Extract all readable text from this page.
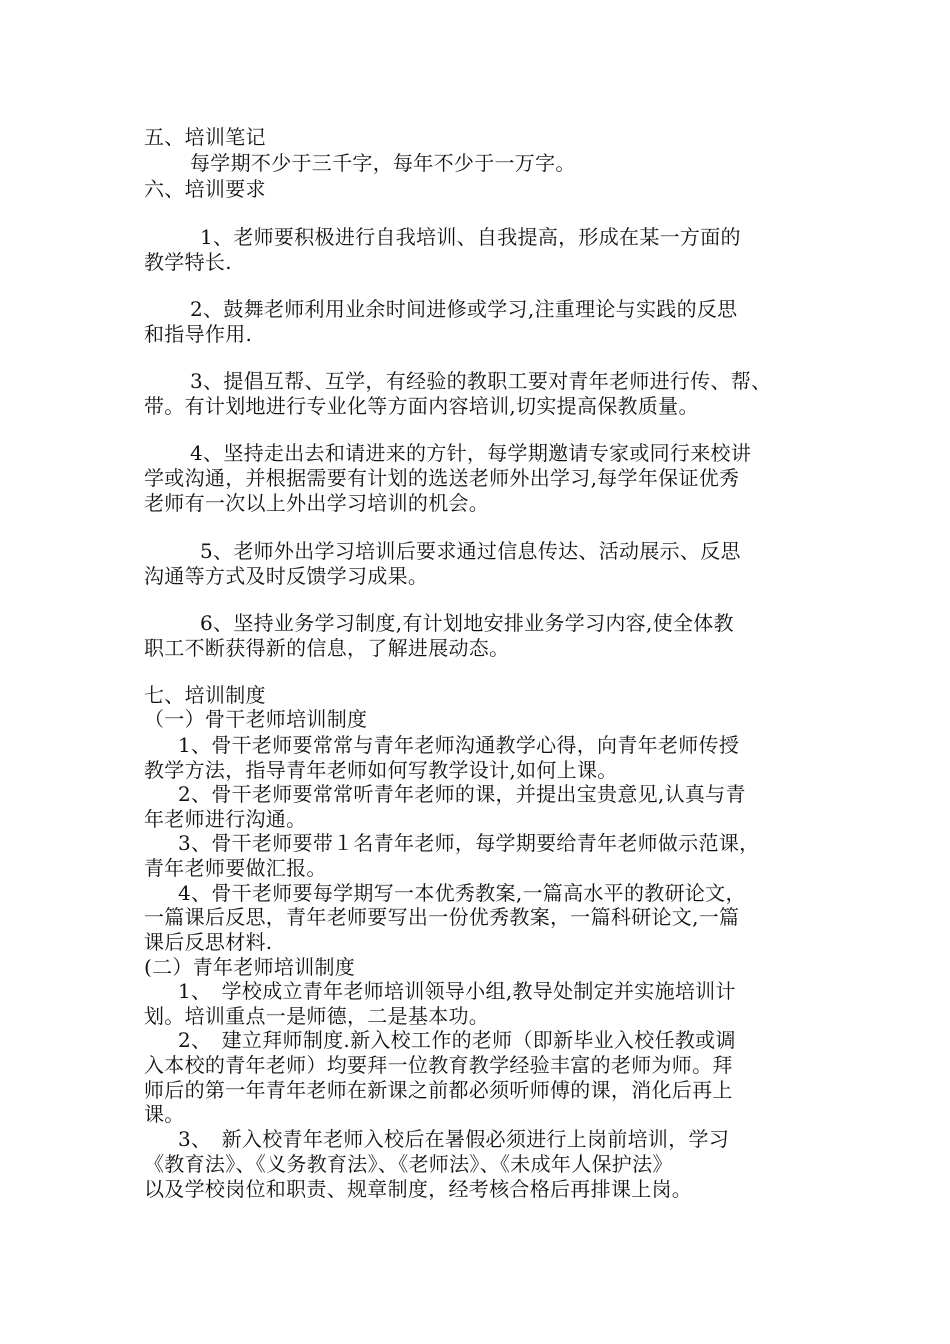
五、培训笔记
每学期不少于三千字，每年不少于一万字。
六、培训要求
1、老师要积极进行自我培训、自我提高，形成在某一方面的
教学特长.
2、鼓舞老师利用业余时间进修或学习,注重理论与实践的反思
和指导作用.
3、提倡互帮、互学，有经验的教职工要对青年老师进行传、帮、
带。有计划地进行专业化等方面内容培训,切实提高保教质量。
4、坚持走出去和请进来的方针，每学期邀请专家或同行来校讲
学或沟通，并根据需要有计划的选送老师外出学习,每学年保证优秀
老师有一次以上外出学习培训的机会。
5、老师外出学习培训后要求通过信息传达、活动展示、反思
沟通等方式及时反馈学习成果。
6、坚持业务学习制度,有计划地安排业务学习内容,使全体教
职工不断获得新的信息，了解进展动态。
七、培训制度
（一）骨干老师培训制度
1、骨干老师要常常与青年老师沟通教学心得，向青年老师传授
教学方法，指导青年老师如何写教学设计,如何上课。
2、骨干老师要常常听青年老师的课，并提出宝贵意见,认真与青
年老师进行沟通。
3、骨干老师要带１名青年老师，每学期要给青年老师做示范课，
青年老师要做汇报。
4、骨干老师要每学期写一本优秀教案,一篇高水平的教研论文，
一篇课后反思，青年老师要写出一份优秀教案，一篇科研论文,一篇
课后反思材料.
(二）青年老师培训制度
1、　学校成立青年老师培训领导小组,教导处制定并实施培训计
划。培训重点一是师德，二是基本功。
2、　建立拜师制度.新入校工作的老师（即新毕业入校任教或调
入本校的青年老师）均要拜一位教育教学经验丰富的老师为师。拜
师后的第一年青年老师在新课之前都必须听师傅的课，消化后再上
课。
3、　新入校青年老师入校后在暑假必须进行上岗前培训，学习
《教育法》、《义务教育法》、《老师法》、《未成年人保护法》
以及学校岗位和职责、规章制度，经考核合格后再排课上岗。
